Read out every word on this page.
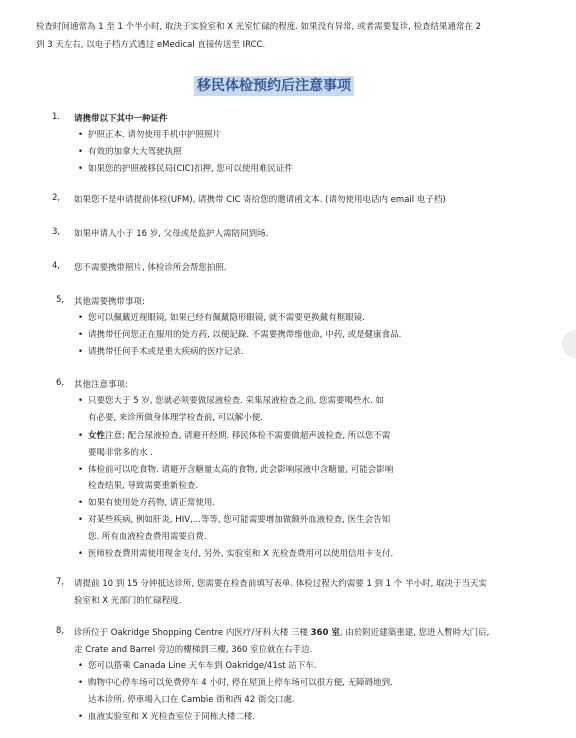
检查时间通常為 1 至 1 个半小时, 取決于实验室和 X 光室忙碌的程度. 如果没有异常, 或者需要复诊, 检查结果通常在 2
到 3 天左右, 以电子档方式透过 eMedical 直接传送至 IRCC.
移民体检预约后注意事项
1. 请携带以下其中一种证件
• 护照正本. 请勿使用手机中护照照片
• 有效的加拿大大驾驶执照
• 如果您的护照被移民局(CIC)扣押, 您可以使用难民证件
2, 如果您不是申请提前体检(UFM), 请携带 CIC 寄给您的邀请函文本. (请勿使用电话内 email 电子档)
3, 如果申请人小于 16 岁, 父母或是监护人需陪同到场.
4, 您不需要携带照片, 体检诊所会帮您拍照.
5, 其他需要携带事项:
• 您可以佩戴近视眼镜, 如果已经有佩戴隐形眼镜, 就不需要更换戴有框眼镜.
• 请携带任何您正在服用的处方药, 以便記錄. 不需要携带维他命, 中药, 或是健康食品.
• 请携带任何手术或是重大疾病的医疗记录.
6, 其他注意事项:
• 只要您大于 5 岁, 您就必须要做尿液检查. 采集尿液检查之前, 您需要喝些水. 如
有必要, 来诊所做身体理学检查前, 可以解小便.
• 女性注意: 配合尿液检查, 请避开经期. 移民体检不需要做超声波检查, 所以您不需
要喝非常多的水 .
• 体检前可以吃食物. 请避开含糖量太高的食物, 此会影响尿液中含糖量, 可能会影响
检查结果, 导致需要重新检查.
• 如果有使用处方药物, 请正常使用.
• 对某些疾病, 例如肝炎, HIV,...等等, 您可能需要增加做额外血液检查, 医生会告知
您. 所有血液检查费用需要自费.
• 医师检查费用需使用现金支付, 另外, 实验室和 X 光检查费用可以使用信用卡支付.
7, 请提前 10 到 15 分钟抵达诊所, 您需要在检查前填写表单. 体检过程大约需要 1 到 1 个 半小时, 取决于当天实
验室和 X 光部门的忙碌程度.
8, 诊所位于 Oakridge Shopping Centre 内医疗/牙科大楼 三楼 360 室, 由於附近建築重建, 您进入暫時大门后,
走 Crate and Barrel 旁边的樓梯到三樓, 360 室位就在右手边.
• 您可以搭乘 Canada Line 天车车到 Oakridge/41st 站下车.
• 购物中心停车场可以免费停车 4 小时, 停在屋顶上停车场可以很方便, 无障碍地到.
达本诊所. 停車場入口在 Cambie 街和西 42 街交口處.
• 血液实验室和 X 光检查室位于同栋大楼二楼.
